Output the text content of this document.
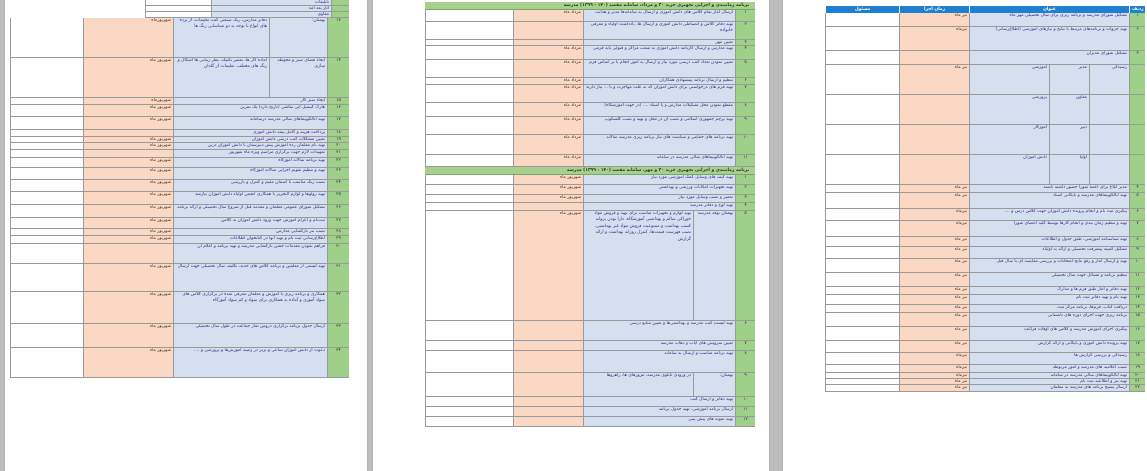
تابلیغات
آثار بعد آمد
مقاوی
۱۳
بهمنان:
دفاتر مدارس، رنگ صنعتی کتب تعلیمات، از پرده های انواع با توجه به دو شناسانی رنگ ها
شهریورماه
۱۴
ایجاد فضای سبز و محوطه سازی
آماده کار ها، تعمیر تکنیک، نظر زیبایی ها اشکال و رنگ های مختلف، تعلیمات از گلدان
شهریور ماه
۱۵
ایجاد سبز کار
شهریورماه
۱۶
هارگ کینمیل آیی نقاشی (تاریخ دارد) یک تمرین
شهریور ماه
۱۷
تهیه آنالکوپیماهای سالی مدرسه درسامانه
شهریور ماه
۱۸
پرداخت هزینه و کامل بیمه دانش آموزی
۱۹
تعیین مشکلات کتب درسی دانش آموزان
شهریور ماه
۲۰
تهیه نام معلمان رده آموزش پیش دبیرستان با دانش آموزان درین
شهریور ماه
۲۱
تمهیدات لازم جهت برگزاری مراسم ویژه ماه شهریور
۲۲
تهیه برنامه سالانه آموزگاه
شهریور ماه
۲۳
تهیه و تنظیم تقویم اجرایی سالانه آموزگاه
شهریور ماه
۲۴
نصب رنگ مناسب با آسمان مقیم و کنترل و بازرسی
شهریور ماه
۲۵
تهیه رولوها و لوازم التحریر با همکاری انجمن اولیاء دانش آموزان نیازمند
شهریور ماه
۲۶
تشکیل شورای عمومی معلمان و مقدمه قبل از شروع سال تحصیلی و ارائه برنامه
شهریور ماه
۲۷
ثبت‌نام و اعزام آموزش جهت ورود دانش آموزان به کلاس
شهریور ماه
۲۸
نصب بنر بازگشایی مدارس
شهریور ماه
۲۹
اطلاع‌رسانی ثبت نام و تهیه آنها در کتابخوان اطلاعات
شهریور ماه
۳۰
فراهم نمودن مقدمات جشن بازگشایی مدرسه و تهیه برنامه و اعلام آن
۳۱
تهیه لیستی از معلمین و برنامه کلاس های جدید، تکلیف سال تحصیلی جهت ارسال
شهریور ماه
۳۲
همکاری و برنامه ریزی با آموزش و معلمان معرفی شده در برگزاری کلاس های سواد آموزی و آماده به همکاری برای سواد و کم سواد آموزگاه
شهریور ماه
۳۳
ارسال جدول برنامه برگزاری دروس تماز جماعت در طول سال تحصیلی
شهریور ماه
۳۴
دعوت از دانش آموزان ساعی و برتر در زمینه آموزش‌ها و پرورشی و ....
شهریور ماه
برنامه زمانبندی و اجرایی تجهیزی خرید ۳۰ و مرداد، سامانه مقصد (۱۴۰ - ۱۳۹۹) مدرسه
۱
ارسال آمار تمام کلاس های دانش آموزی و ارسال به سامانه‌ها مدیر و هدایت
مرداد ماه
۲
تهیه دفاتر کلاس و انضباطی دانش آموزی و ارسال ها، یادداشت اولیاء و معرفی خانواده
۳
تعیین مهر
۴
تهیه مدارس و ارسال کارنامه دانش آموزی به شعب مراکز و قبولی پایه فرمی
مرداد ماه
۵
تعیین نمودن تعداد کتب درسی مورد نیاز و ارسال به امور انجام یا بر اساس فرم
مرداد ماه
۶
تنظیم و ارسال برنامه پیشنهادی همکاران
مرداد ماه
۷
تهیه فرم های درخواستی برای دانش آموزان که به علت مهاجرت و یا ... نیاز دارند
مرداد ماه
۸
مقطع نمودن محل تشکیلات مدارس و یا اسناد .... (در جهت آموزشگاه)
مرداد ماه
۹
تهیه پرچم جمهوری اسلامی و نصب آن در محل و تهیه و نصب گلسکوپ
مرداد ماه
۱۰
تهیه برنامه های حمایتی و سیاست های نیاز برنامه ریزی مدرسه سالانه
مرداد ماه
۱۱
تهیه آنالکوپیماهای سالی مدرسه در سامانه
مرداد ماه
برنامه زمانبندی و اجرایی تجهیزی خرید ۳۰ و مهر، سامانه مقصد (۱۴۰ - ۱۳۹۹) مدرسه
۱
تهیه کیف های وسایل کمک آموزشی مورد نیاز
شهریور ماه
۲
تهیه تجهیزات امکانات ورزشی و بهداشتی
شهریور ماه
۳
تعمیر و نصب وسایل مورد نیاز
شهریور ماه
۴
تهیه لوح و دفاتر مدرسه
۵
بهمنان بوفه مدرسه
تهیه لوازم و تجهیزات مناسب برای تهیه و فروش مواد خوراکی سالم و بهداشتی آموزشگاه، دارا بودن پروانه کسب بهداشت و ممنوعیت فروش مواد غیر بهداشتی، نصب فهرست قیمت‌ها، کنترل روزانه بهداشت و ارائه گزارش
شهریور ماه
۶
تهیه لیست کتب مدرسه و بهداشتی‌ها و تعیین منابع درسی
۷
تعیین سرویس های ایاب و ذهاب مدرسه
۸
تهیه برنامه مناسب و ارسال به سامانه
۹
بهمنان:
در ورودی تابلوی مدرسه، مرورهای ها، راهروها
۱۰
تهیه دفاتر و ارسال کتب
۱۱
ارسال برنامه آموزشی، تهیه جدول برنامه
۱۲
تهیه نمونه های پیش بینی
ردیف
عنوان
زمان اجرا
مسئول
۱
تشکیل شورای مدرسه و برنامه ریزی برای سال تحصیلی مهر ماه
تیر ماه
۲
تهیه جزوات و برنامه‌های مرتبط با نتایج و نیازهای آموزشی (اطلاع‌رسانی)
تیرماه
۳
تشکیل شورای مدیران
رسیدگی
مدیر
آموزشی
تیر ماه
معاون
پرورشی
دبیر
آموزگار
اولیا
دانش آموزان
۴
مدیر ابلاغ برای اعضا شورا حضور داشته باشند
تیر ماه
۵
تهیه آنالکوپیماهای مدرسه و بایگانی اسناد
تیر ماه
۶
پیگیری ثبت نام و انجام پرونده دانش آموزان جهت کلاس درس و ....
تیرماه
۷
تهیه و تنظیم زمان بندی و انجام کارها توسط کلیه اعضای شورا
تیرماه
۸
تهیه شناسنامه آموزشی، طبق جدول و اطلاعات
تیر ماه
۹
تشکیل کمیته پیشرفت تحصیلی و ارائه به اولیاء
تیر ماه
۱۰
تهیه و ارسال آمار و رفع نتایج امتحانات و بررسی مقایسه ای با سال قبل
تیر ماه
۱۱
تنظیم برنامه و مسائل جهت سال تحصیلی
تیر ماه
۱۲
تهیه دفاتر و آمار طبق فرم ها و مدارک
تیر ماه
۱۳
تهیه نام و تهیه دفاتر ثبت نام
تیر ماه
۱۴
دریافت کتاب، فرم‌ها، برنامه مرکز ثبت
تیر ماه
۱۵
برنامه ریزی جهت اجرای دوره های تابستانی
تیر ماه
۱۶
پیگیری اجرای آموزش مدرسه و کلاس های اوقات فراغت
تیر ماه
۱۷
تهیه پرونده دانش آموزی و بایگانی و ارائه گزارش
تیر ماه
۱۸
رسیدگی و بررسی گزارش ها
تیرماه
۱۹
نصب اعلامیه های مدرسه و امور مربوطه
تیرماه
۲۰
تهیه آنالکوپیماهای سالی مدرسه در سامانه
تیرماه
۲۱
تهیه بنر و اطلاعیه ثبت نام
تیر ماه
۲۲
ارسال پسیج برنامه های مدرسه به معلمان
تیر ماه
